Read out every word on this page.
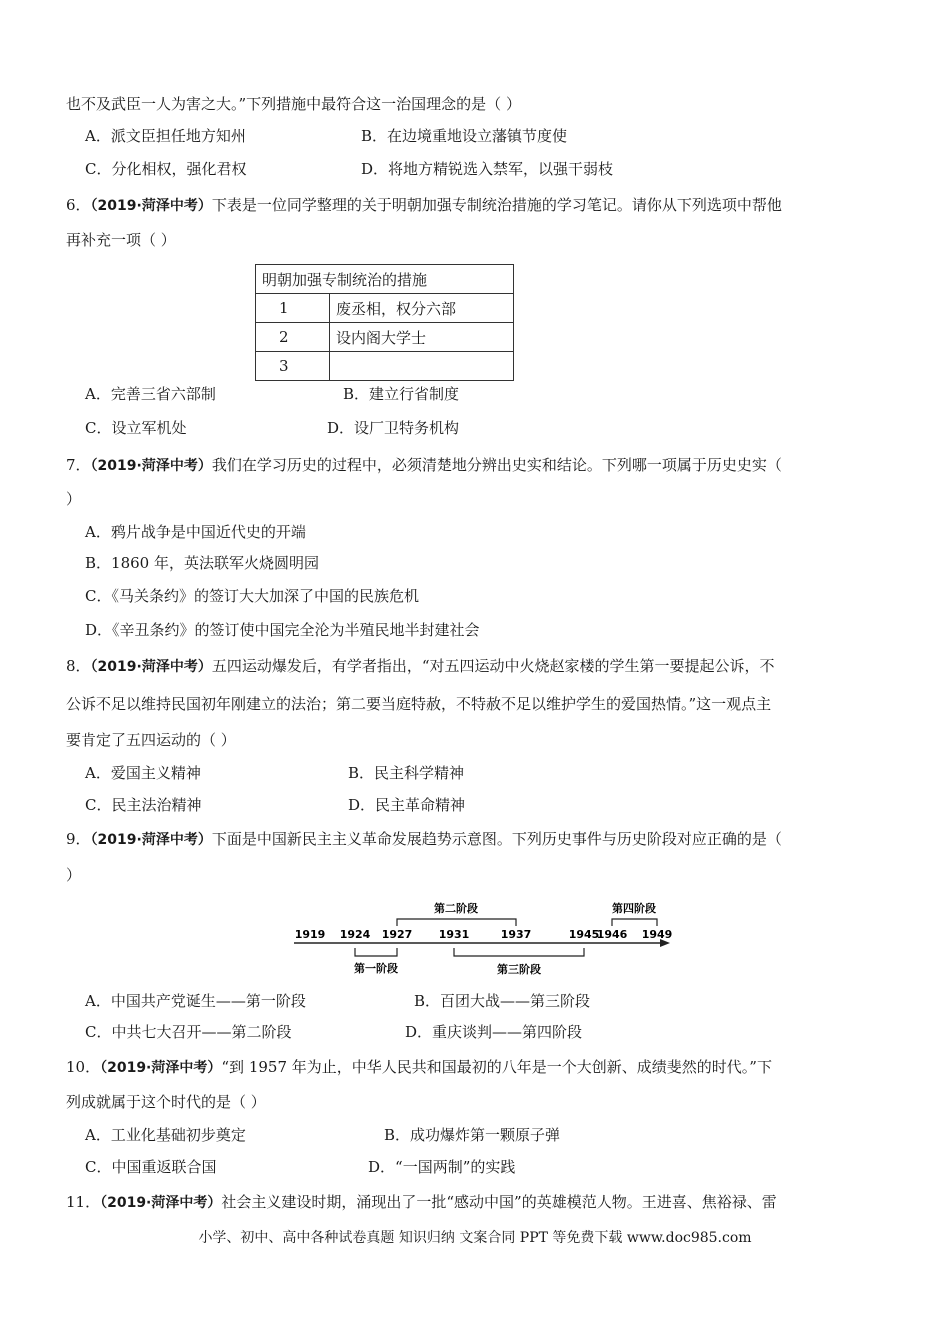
也不及武臣一人为害之大。”下列措施中最符合这一治国理念的是（ ）
A．派文臣担任地方知州	B．在边境重地设立藩镇节度使
C．分化相权，强化君权	D．将地方精锐选入禁军，以强干弱枝
6．（2019·菏泽中考）下表是一位同学整理的关于明朝加强专制统治措施的学习笔记。请你从下列选项中帮他
再补充一项（ ）
明朝加强专制统治的措施	
1	废丞相，权分六部
2	设内阁大学士
3	
A．完善三省六部制	B．建立行省制度
C．设立军机处	D．设厂卫特务机构
7．（2019·菏泽中考）我们在学习历史的过程中，必须清楚地分辨出史实和结论。下列哪一项属于历史史实（
）
A．鸦片战争是中国近代史的开端
B．1860 年，英法联军火烧圆明园
C．《马关条约》的签订大大加深了中国的民族危机
D．《辛丑条约》的签订使中国完全沦为半殖民地半封建社会
8．（2019·菏泽中考）五四运动爆发后，有学者指出，“对五四运动中火烧赵家楼的学生第一要提起公诉，不
公诉不足以维持民国初年刚建立的法治；第二要当庭特赦，不特赦不足以维护学生的爱国热情。”这一观点主
要肯定了五四运动的（ ）
A．爱国主义精神	B．民主科学精神
C．民主法治精神	D．民主革命精神
9．（2019·菏泽中考）下面是中国新民主主义革命发展趋势示意图。下列历史事件与历史阶段对应正确的是（
）
1919 1924 1927 1931	1937	1945
1946 1949
第二阶段	第四阶段
第一阶段	第三阶段
A．中国共产党诞生——第一阶段	B．百团大战——第三阶段
C．中共七大召开——第二阶段	D．重庆谈判——第四阶段
10．（2019·菏泽中考）“到 1957 年为止，中华人民共和国最初的八年是一个大创新、成绩斐然的时代。”下
列成就属于这个时代的是（ ）
A．工业化基础初步奠定	B．成功爆炸第一颗原子弹
C．中国重返联合国	D．“一国两制”的实践
11．（2019·菏泽中考）社会主义建设时期，涌现出了一批“感动中国”的英雄模范人物。王进喜、焦裕禄、雷
小学、初中、高中各种试卷真题 知识归纳 文案合同 PPT 等免费下载 www.doc985.com
